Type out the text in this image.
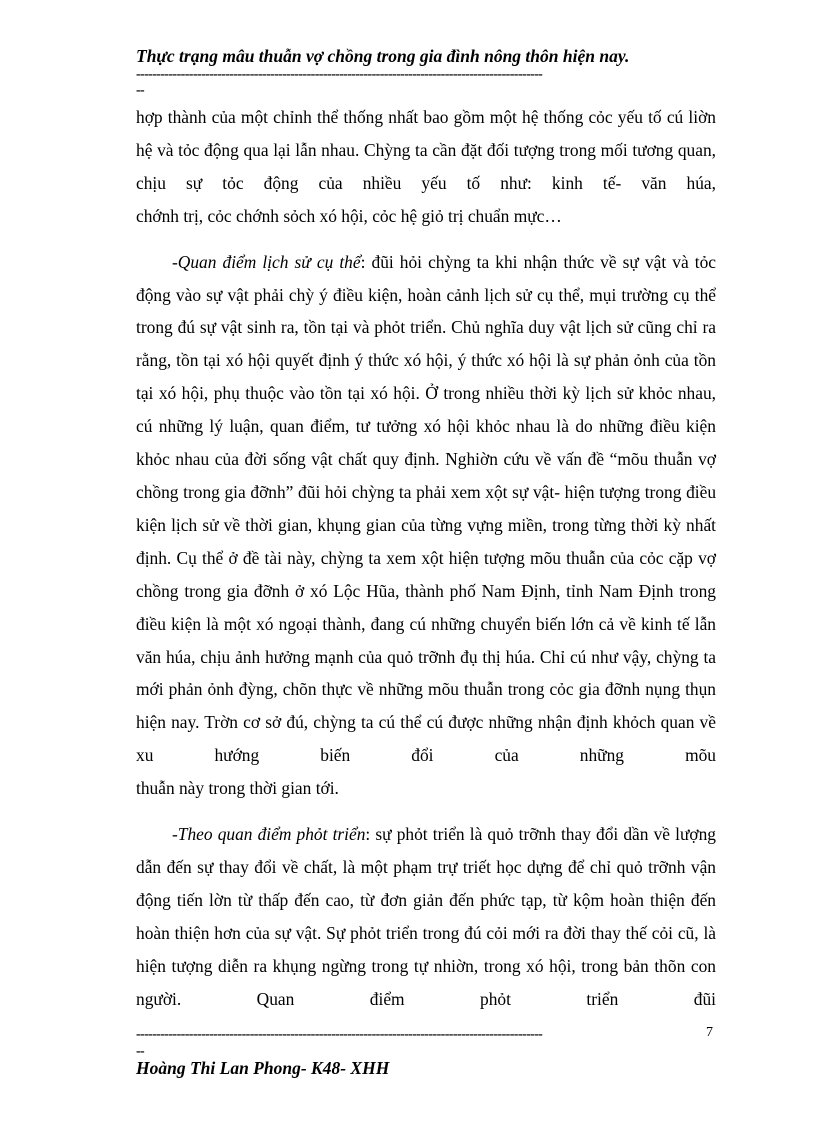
Thực trạng mâu thuẫn vợ chồng trong gia đình nông thôn hiện nay.
----------------------------------------------------------------------------------------------------
--

hợp thành của một chỉnh thể thống nhất bao gồm một hệ thống cỏc yếu tố cú liờn hệ và tỏc động qua lại lẫn nhau. Chỳng ta cần đặt đối tượng trong mối tương quan, chịu sự tỏc động của nhiều yếu tố như: kinh tế- văn húa,

chớnh trị, cỏc chớnh sỏch xó hội, cỏc hệ giỏ trị chuẩn mực…

-Quan điểm lịch sử cụ thể: đũi hỏi chỳng ta khi nhận thức về sự vật và tỏc động vào sự vật phải chỳ ý điều kiện, hoàn cảnh lịch sử cụ thể, mụi trường cụ thể trong đú sự vật sinh ra, tồn tại và phỏt triển. Chủ nghĩa duy vật lịch sử cũng chỉ ra rằng, tồn tại xó hội quyết định ý thức xó hội, ý thức xó hội là sự phản ỏnh của tồn tại xó hội, phụ thuộc vào tồn tại xó hội. Ở trong nhiều thời kỳ lịch sử khỏc nhau, cú những lý luận, quan điểm, tư tưởng xó hội khỏc nhau là do những điều kiện khỏc nhau của đời sống vật chất quy định. Nghiờn cứu về vấn đề “mõu thuẫn vợ chồng trong gia đỡnh” đũi hỏi chỳng ta phải xem xột sự vật- hiện tượng trong điều kiện lịch sử về thời gian, khụng gian của từng vựng miền, trong từng thời kỳ nhất định. Cụ thể ở đề tài này, chỳng ta xem xột hiện tượng mõu thuẫn của cỏc cặp vợ chồng trong gia đỡnh ở xó Lộc Hũa, thành phố Nam Định, tỉnh Nam Định trong điều kiện là một xó ngoại thành, đang cú những chuyển biến lớn cả về kinh tế lẫn văn húa, chịu ảnh hưởng mạnh của quỏ trỡnh đụ thị húa. Chỉ cú như vậy, chỳng ta mới phản ỏnh đỳng, chõn thực về những mõu thuẫn trong cỏc gia đỡnh nụng thụn hiện nay. Trờn cơ sở đú, chỳng ta cú thể cú được những nhận định khỏch quan về xu hướng biến đổi của những mõu

thuẫn này trong thời gian tới.

-Theo quan điểm phỏt triển: sự phỏt triển là quỏ trỡnh thay đổi dần về lượng dẫn đến sự thay đổi về chất, là một phạm trự triết học dựng để chỉ quỏ trỡnh vận động tiến lờn từ thấp đến cao, từ đơn giản đến phức tạp, từ kộm hoàn thiện đến hoàn thiện hơn của sự vật. Sự phỏt triển trong đú cỏi mới ra đời thay thế cỏi cũ, là hiện tượng diễn ra khụng ngừng trong tự nhiờn, trong xó hội, trong bản thõn con người. Quan điểm phỏt triển đũi

----------------------------------------------------------------------------------------------------	7
--
Hoàng Thi Lan Phong- K48- XHH
